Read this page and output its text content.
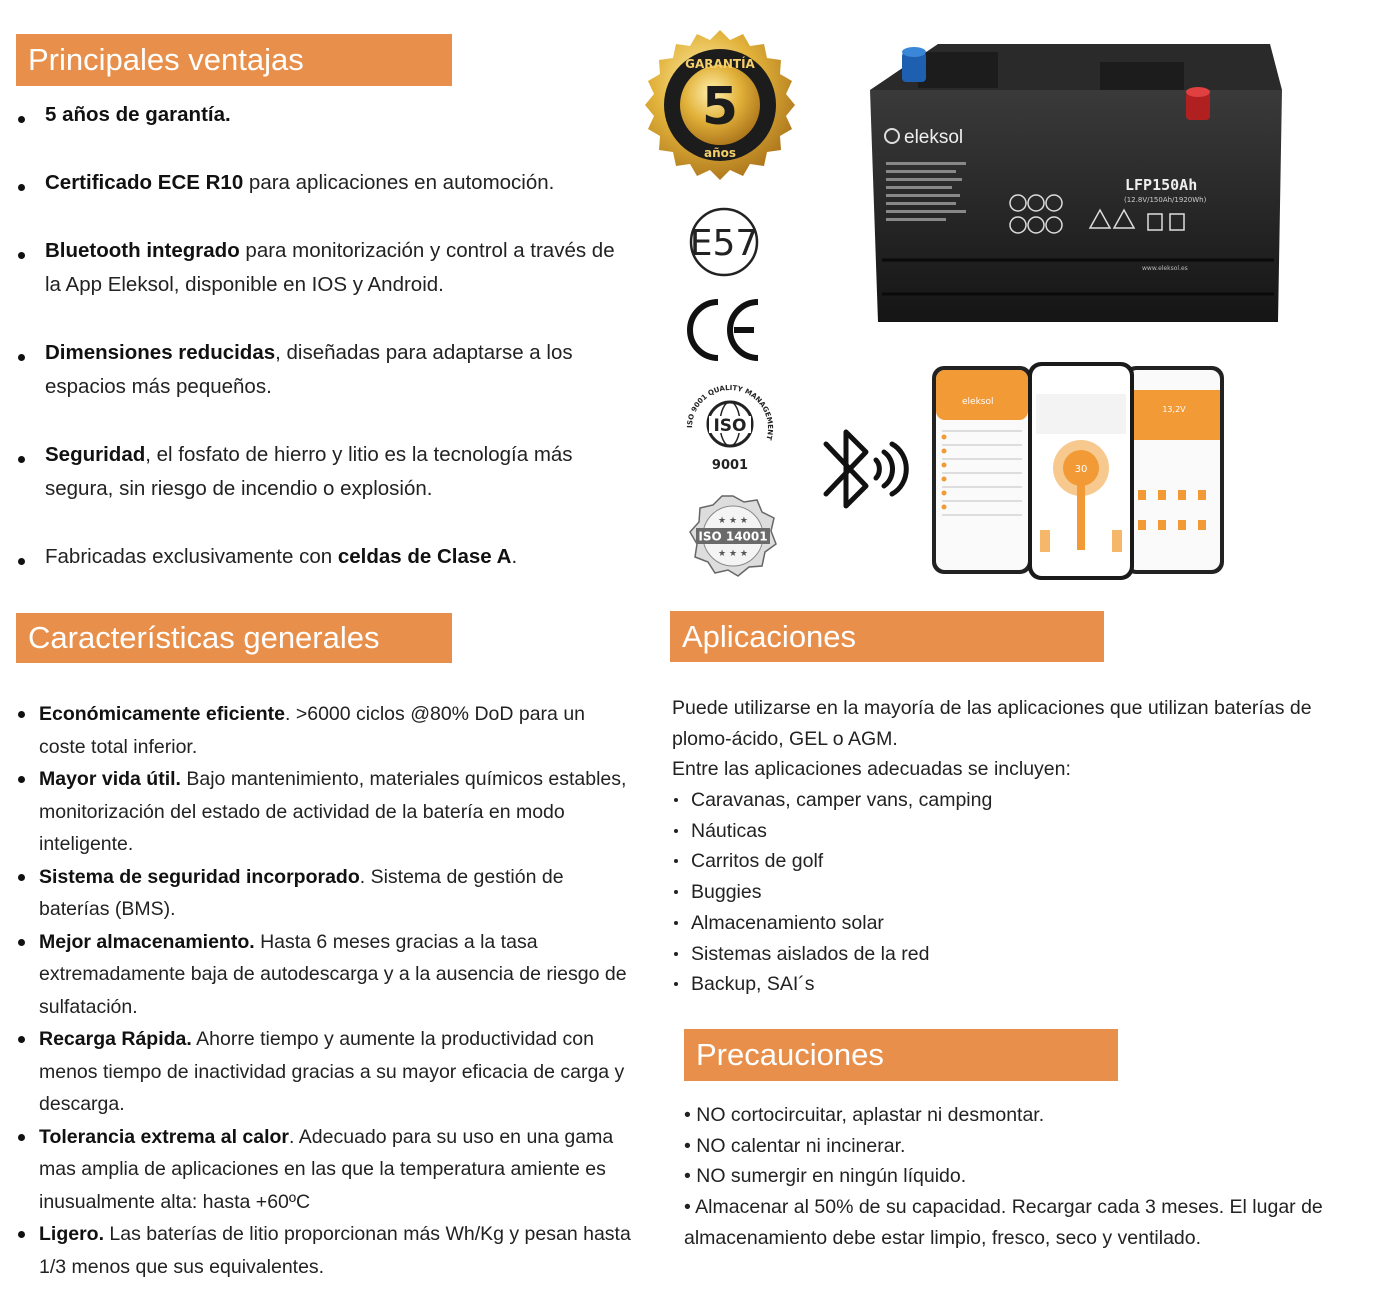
Principales ventajas
5 años de garantía.
Certificado ECE R10 para aplicaciones en automoción.
Bluetooth integrado para monitorización y control a través de la App Eleksol, disponible en IOS y Android.
Dimensiones reducidas, diseñadas para adaptarse a los espacios más pequeños.
Seguridad, el fosfato de hierro y litio es la tecnología más segura, sin riesgo de incendio o explosión.
Fabricadas exclusivamente con celdas de Clase A.
Características generales
Económicamente eficiente. >6000 ciclos @80% DoD para un coste total inferior.
Mayor vida útil. Bajo mantenimiento, materiales químicos estables, monitorización del estado de actividad de la batería en modo inteligente.
Sistema de seguridad incorporado. Sistema de gestión de baterías (BMS).
Mejor almacenamiento. Hasta 6 meses gracias a la tasa extremadamente baja de autodescarga y a la ausencia de riesgo de sulfatación.
Recarga Rápida. Ahorre tiempo y aumente la productividad con menos tiempo de inactividad gracias a su mayor eficacia de carga y descarga.
Tolerancia extrema al calor. Adecuado para su uso en una gama mas amplia de aplicaciones en las que la temperatura amiente es inusualmente alta: hasta +60ºC
Ligero. Las baterías de litio proporcionan más Wh/Kg y pesan hasta 1/3 menos que sus equivalentes.
Aplicaciones
Puede utilizarse en la mayoría de las aplicaciones que utilizan baterías de plomo-ácido, GEL o AGM.
Entre las aplicaciones adecuadas se incluyen:
Caravanas, camper vans, camping
Náuticas
Carritos de golf
Buggies
Almacenamiento solar
Sistemas aislados de la red
Backup, SAI´s
Precauciones
• NO cortocircuitar, aplastar ni desmontar.
• NO calentar ni incinerar.
• NO sumergir en ningún líquido.
• Almacenar al 50% de su capacidad. Recargar cada 3 meses. El lugar de almacenamiento debe estar limpio, fresco, seco y ventilado.
GARANTÍA
5
años
E57
ISO 9001 QUALITY MANAGEMENT
ISO
9001
★ ★ ★
ISO 14001
★ ★ ★
eleksol
LFP150Ah
(12.8V/150Ah/1920Wh)
www.eleksol.es
eleksol
13,2V
30
